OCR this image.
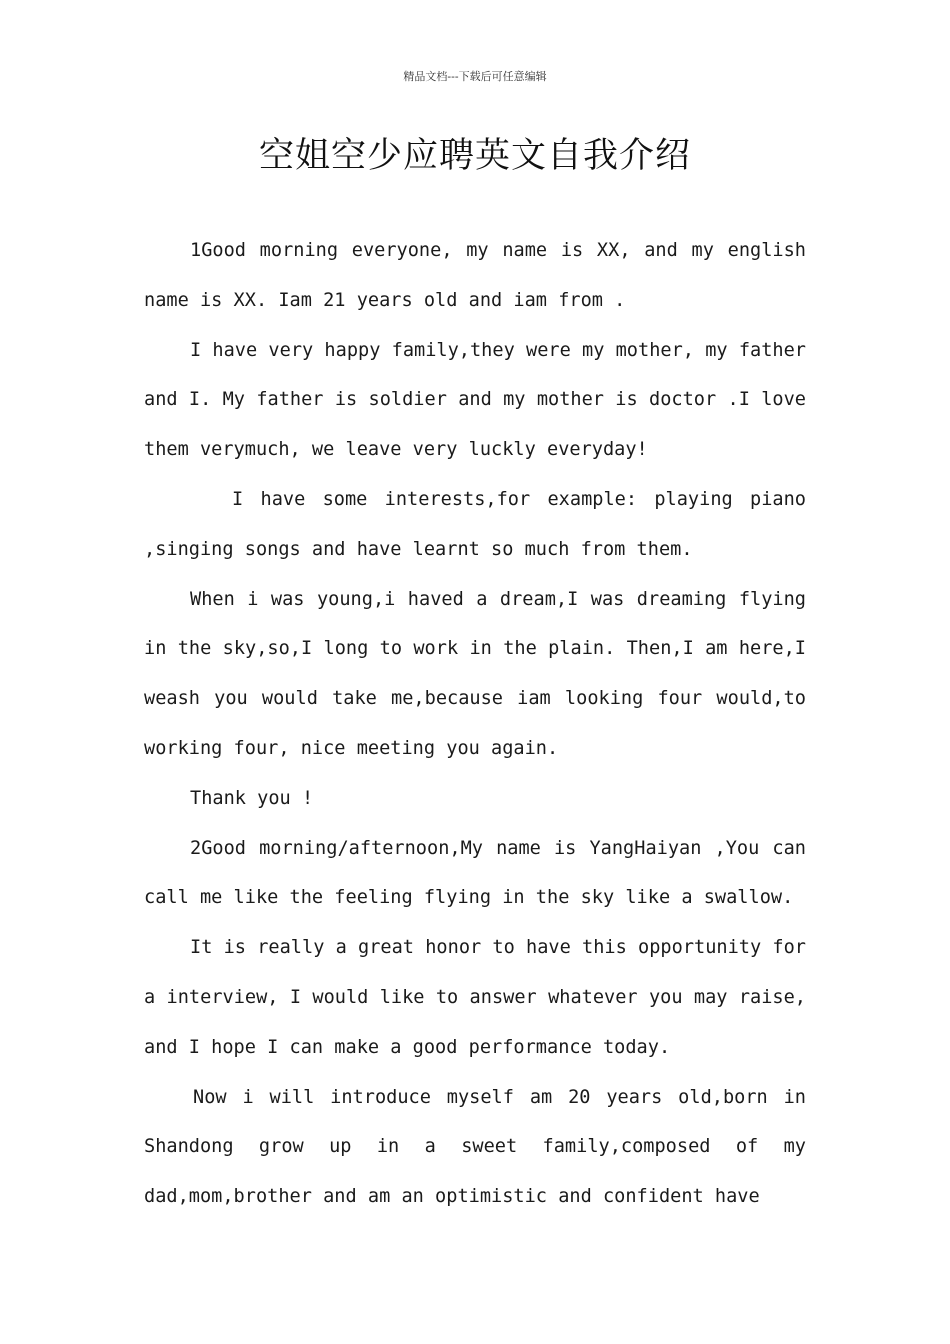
精品文档---下载后可任意编辑
空姐空少应聘英文自我介绍

1Good morning everyone, my name is XX, and my english name is XX. Iam 21 years old and iam from .

I have very happy family,they were my mother, my father and I. My father is soldier and my mother is doctor .I love them verymuch, we leave very luckly everyday!

I have some interests,for example: playing piano ,singing songs and have learnt so much from them.

When i was young,i haved a dream,I was dreaming flying in the sky,so,I long to work in the plain. Then,I am here,I weash you would take me,because iam looking four would,to working four, nice meeting you again.

Thank you !

2Good morning/afternoon,My name is YangHaiyan ,You can call me like the feeling flying in the sky like a swallow.

It is really a great honor to have this opportunity for a interview, I would like to answer whatever you may raise, and I hope I can make a good performance today.

Now i will introduce myself am 20 years old,born in Shandong grow up in a sweet family,composed of my dad,mom,brother and am an optimistic and confident have
